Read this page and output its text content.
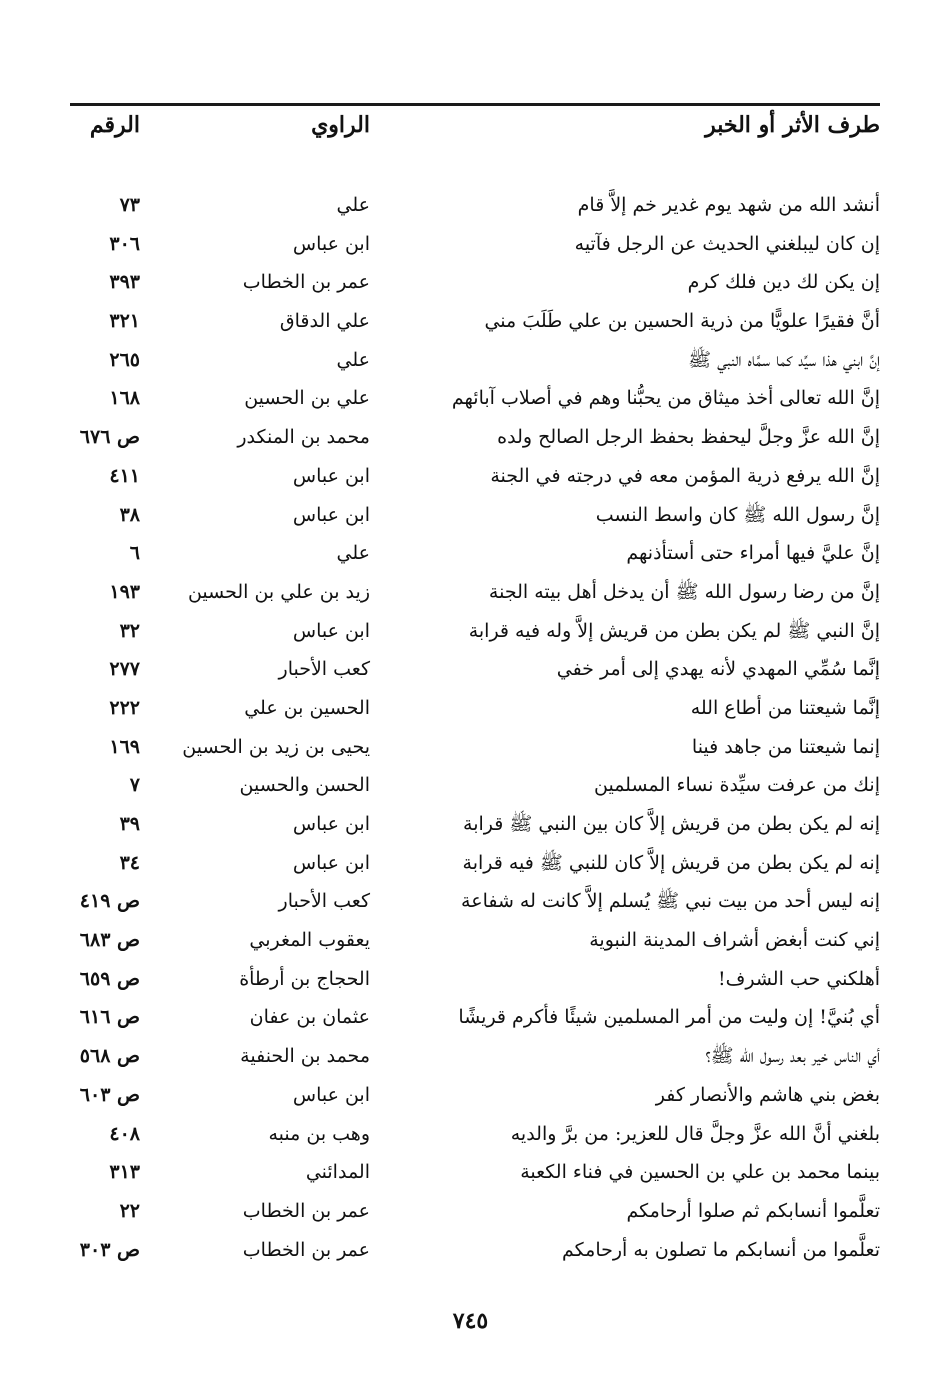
طرف الأثر أو الخبر
الراوي
الرقم
أنشد الله من شهد يوم غدير خم إلاَّ قام
علي
٧٣
إن كان ليبلغني الحديث عن الرجل فآتيه
ابن عباس
٣٠٦
إن يكن لك دين فلك كرم
عمر بن الخطاب
٣٩٣
أنَّ فقيرًا علويًّا من ذرية الحسين بن علي طَلَبَ مني
علي الدقاق
٣٢١
إنَّ ابني هذا سيِّد كما سمَّاه النبي ﷺ
علي
٢٦٥
إنَّ الله تعالى أخذ ميثاق من يحبُّنا وهم في أصلاب آبائهم
علي بن الحسين
١٦٨
إنَّ الله عزَّ وجلَّ ليحفظ بحفظ الرجل الصالح ولده
محمد بن المنكدر
ص ٦٧٦
إنَّ الله يرفع ذرية المؤمن معه في درجته في الجنة
ابن عباس
٤١١
إنَّ رسول الله ﷺ كان واسط النسب
ابن عباس
٣٨
إنَّ عليَّ فيها أمراء حتى أستأذنهم
علي
٦
إنَّ من رضا رسول الله ﷺ أن يدخل أهل بيته الجنة
زيد بن علي بن الحسين
١٩٣
إنَّ النبي ﷺ لم يكن بطن من قريش إلاَّ وله فيه قرابة
ابن عباس
٣٢
إنَّما سُمِّي المهدي لأنه يهدي إلى أمر خفي
كعب الأحبار
٢٧٧
إنَّما شيعتنا من أطاع الله
الحسين بن علي
٢٢٢
إنما شيعتنا من جاهد فينا
يحيى بن زيد بن الحسين
١٦٩
إنك من عرفت سيِّدة نساء المسلمين
الحسن والحسين
٧
إنه لم يكن بطن من قريش إلاَّ كان بين النبي ﷺ قرابة
ابن عباس
٣٩
إنه لم يكن بطن من قريش إلاَّ كان للنبي ﷺ فيه قرابة
ابن عباس
٣٤
إنه ليس أحد من بيت نبي ﷺ يُسلم إلاَّ كانت له شفاعة
كعب الأحبار
ص ٤١٩
إني كنت أبغض أشراف المدينة النبوية
يعقوب المغربي
ص ٦٨٣
أهلكني حب الشرف!
الحجاج بن أرطأة
ص ٦٥٩
أي بُنيَّ! إن وليت من أمر المسلمين شيئًا فأكرم قريشًا
عثمان بن عفان
ص ٦١٦
أي الناس خير بعد رسول الله ﷺ؟
محمد بن الحنفية
ص ٥٦٨
بغض بني هاشم والأنصار كفر
ابن عباس
ص ٦٠٣
بلغني أنَّ الله عزَّ وجلَّ قال للعزير: من برَّ والديه
وهب بن منبه
٤٠٨
بينما محمد بن علي بن الحسين في فناء الكعبة
المدائني
٣١٣
تعلَّموا أنسابكم ثم صلوا أرحامكم
عمر بن الخطاب
٢٢
تعلَّموا من أنسابكم ما تصلون به أرحامكم
عمر بن الخطاب
ص ٣٠٣
٧٤٥
